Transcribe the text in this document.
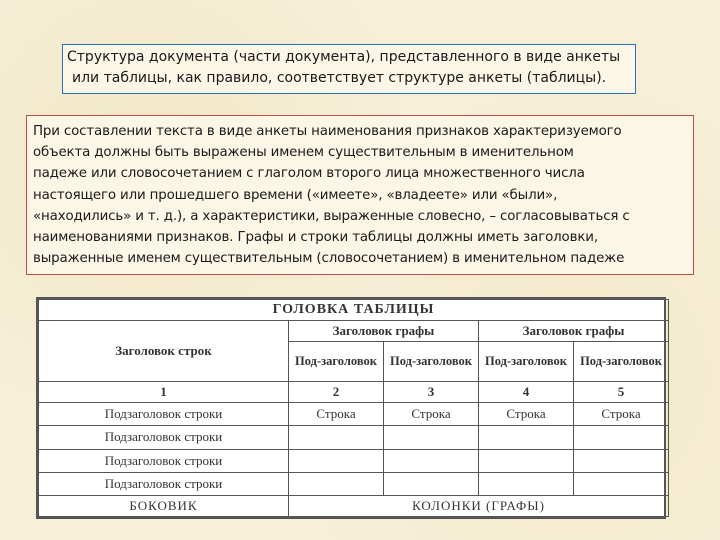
Структура документа (части документа), представленного в виде анкеты
или таблицы, как правило, соответствует структуре анкеты (таблицы).
При составлении текста в виде анкеты наименования признаков характеризуемого
объекта должны быть выражены именем существительным в именительном
падеже или словосочетанием с глаголом второго лица множественного числа
настоящего или прошедшего времени («имеете», «владеете» или «были»,
«находились» и т. д.), а характеристики, выраженные словесно, – согласовываться с
наименованиями признаков. Графы и строки таблицы должны иметь заголовки,
выраженные именем существительным (словосочетанием) в именительном падеже
ГОЛОВКА ТАБЛИЦЫ				
Заголовок строк	Заголовок графы		Заголовок графы	
	Под-заголовок	Под-заголовок	Под-заголовок	Под-заголовок
1	2	3	4	5
Подзаголовок строки	Строка	Строка	Строка	Строка
Подзаголовок строки				
Подзаголовок строки				
Подзаголовок строки				
БОКОВИК	КОЛОНКИ (ГРАФЫ)			
